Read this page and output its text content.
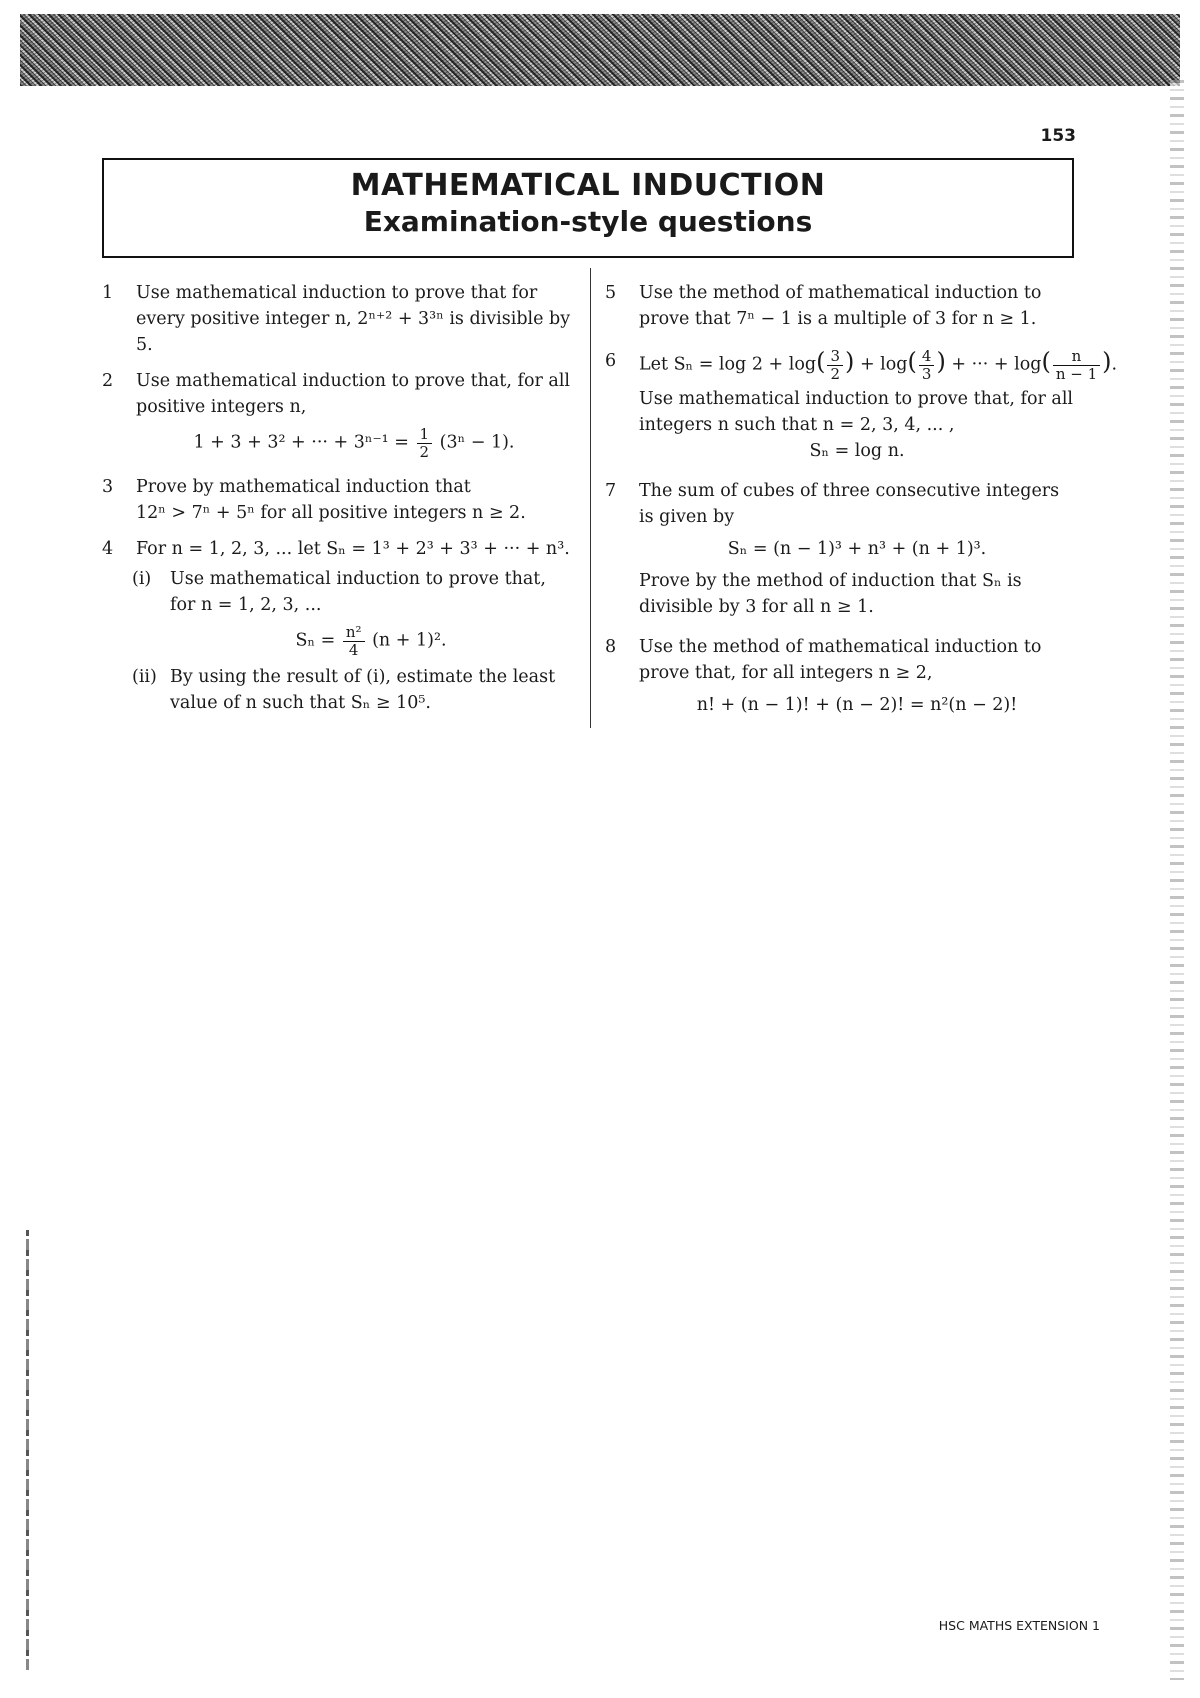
153
MATHEMATICAL INDUCTION
Examination-style questions
1 Use mathematical induction to prove that for every positive integer n, 2ⁿ⁺² + 3³ⁿ is divisible by 5.
2 Use mathematical induction to prove that, for all positive integers n,
1 + 3 + 3² + ··· + $3^{n-1} = \frac{1}{2} (3^n - 1)$.
3 Prove by mathematical induction that
12ⁿ > 7ⁿ + 5ⁿ for all positive integers n ≥ 2.
4 For n = 1, 2, 3, ... let Sₙ = 1³ + 2³ + 3³ + ··· + n³.
(i) Use mathematical induction to prove that, for n = 1, 2, 3, ...
$S_n = \frac{\text{n²}}{4} (n + 1)^2$.
(ii) By using the result of (i), estimate the least value of n such that Sₙ ≥ 10⁵.
5 Use the method of mathematical induction to prove that 7ⁿ − 1 is a multiple of 3 for n ≥ 1.
6 Let $S_n = \log 2 + \log( \frac{3}{2}$ ) + $\log( \frac{4}{3}$ ) + ··· + $\log( \frac{n}{n - 1}$ ).
Use mathematical induction to prove that, for all integers n such that n = 2, 3, 4, ... ,
Sₙ = log n.
7 The sum of cubes of three consecutive integers is given by
Sₙ = (n − 1)³ + n³ + (n + 1)³.
Prove by the method of induction that Sₙ is divisible by 3 for all n ≥ 1.
8 Use the method of mathematical induction to prove that, for all integers n ≥ 2,
n! + (n − 1)! + (n − 2)! = n²(n − 2)!
HSC MATHS EXTENSION 1
